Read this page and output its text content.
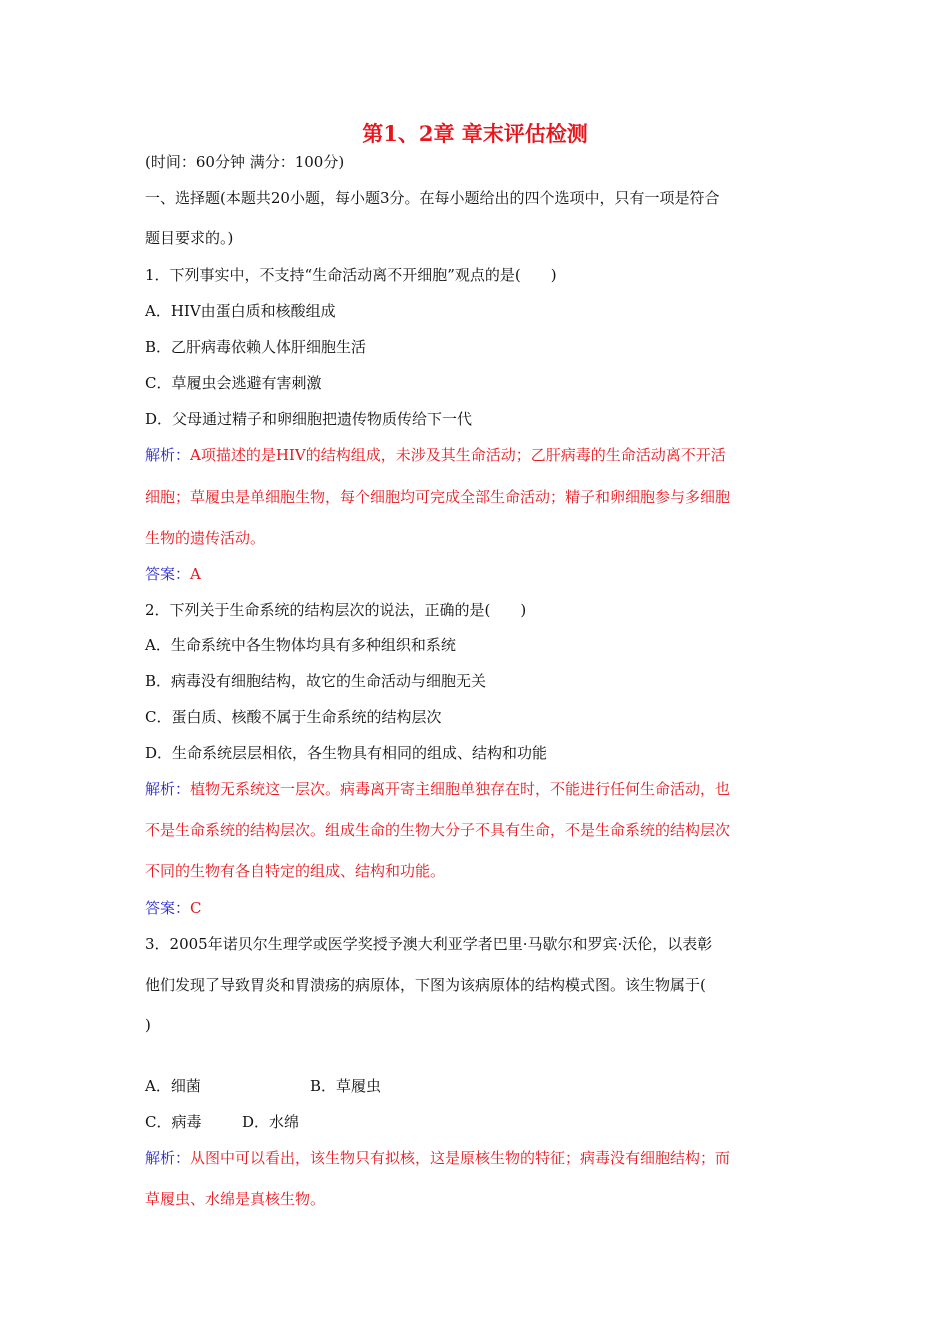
第1、2章 章末评估检测
(时间：60分钟 满分：100分)
一、选择题(本题共20小题，每小题3分。在每小题给出的四个选项中，只有一项是符合
题目要求的。)
1．下列事实中，不支持“生命活动离不开细胞”观点的是(　　)
A．HIV由蛋白质和核酸组成
B．乙肝病毒依赖人体肝细胞生活
C．草履虫会逃避有害刺激
D．父母通过精子和卵细胞把遗传物质传给下一代
解析：A项描述的是HIV的结构组成，未涉及其生命活动；乙肝病毒的生命活动离不开活
细胞；草履虫是单细胞生物，每个细胞均可完成全部生命活动；精子和卵细胞参与多细胞
生物的遗传活动。
答案：A
2．下列关于生命系统的结构层次的说法，正确的是(　　)
A．生命系统中各生物体均具有多种组织和系统
B．病毒没有细胞结构，故它的生命活动与细胞无关
C．蛋白质、核酸不属于生命系统的结构层次
D．生命系统层层相依，各生物具有相同的组成、结构和功能
解析：植物无系统这一层次。病毒离开寄主细胞单独存在时，不能进行任何生命活动，也
不是生命系统的结构层次。组成生命的生物大分子不具有生命，不是生命系统的结构层次
不同的生物有各自特定的组成、结构和功能。
答案：C
3．2005年诺贝尔生理学或医学奖授予澳大利亚学者巴里·马歇尔和罗宾·沃伦，以表彰
他们发现了导致胃炎和胃溃疡的病原体，下图为该病原体的结构模式图。该生物属于(
)
A．细菌	B．草履虫
C．病毒	D．水绵
解析：从图中可以看出，该生物只有拟核，这是原核生物的特征；病毒没有细胞结构；而
草履虫、水绵是真核生物。
